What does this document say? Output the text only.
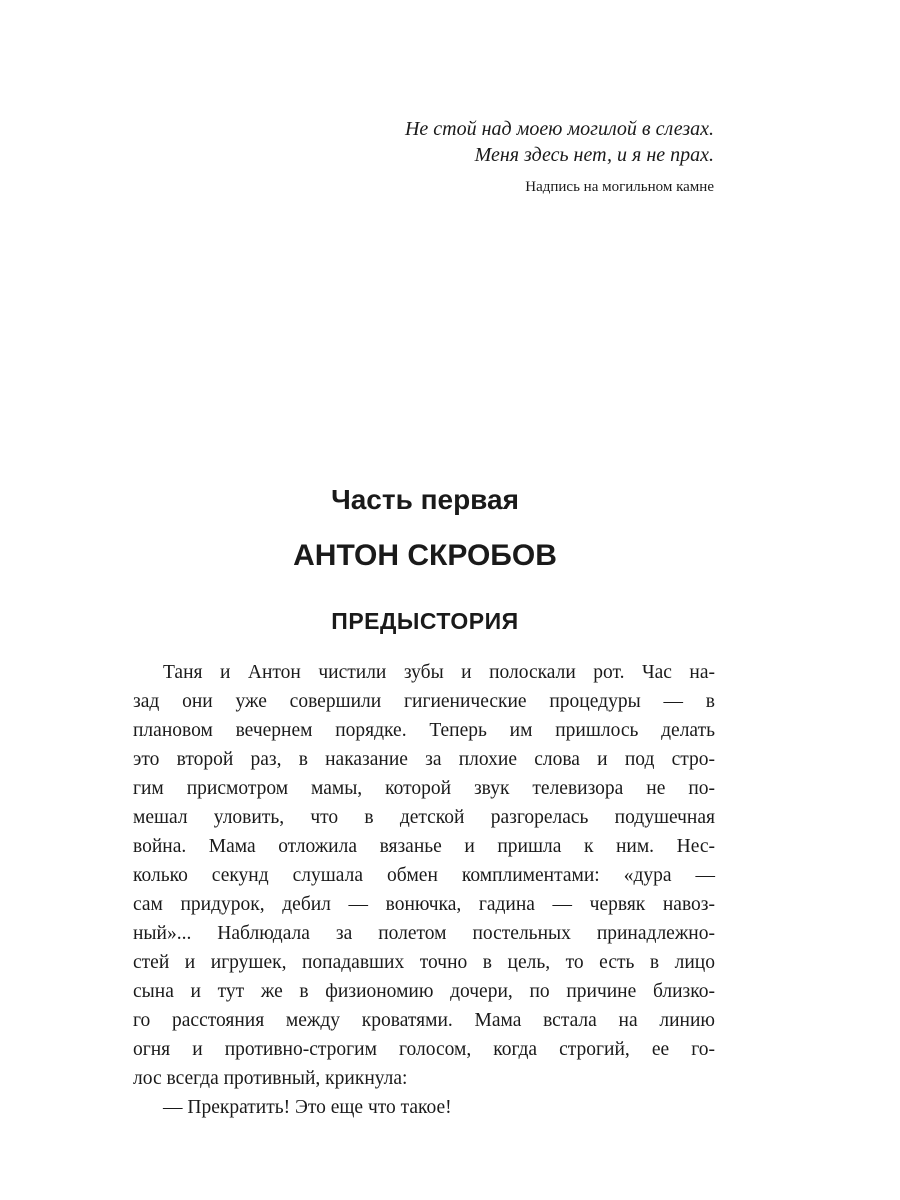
Не стой над моею могилой в слезах.
Меня здесь нет, и я не прах.
Надпись на могильном камне
Часть первая
АНТОН СКРОБОВ
ПРЕДЫСТОРИЯ
Таня и Антон чистили зубы и полоскали рот. Час на-
зад они уже совершили гигиенические процедуры — в
плановом вечернем порядке. Теперь им пришлось делать
это второй раз, в наказание за плохие слова и под стро-
гим присмотром мамы, которой звук телевизора не по-
мешал уловить, что в детской разгорелась подушечная
война. Мама отложила вязанье и пришла к ним. Нес-
колько секунд слушала обмен комплиментами: «дура —
сам придурок, дебил — вонючка, гадина — червяк навоз-
ный»... Наблюдала за полетом постельных принадлежно-
стей и игрушек, попадавших точно в цель, то есть в лицо
сына и тут же в физиономию дочери, по причине близко-
го расстояния между кроватями. Мама встала на линию
огня и противно-строгим голосом, когда строгий, ее го-
лос всегда противный, крикнула:
— Прекратить! Это еще что такое!
